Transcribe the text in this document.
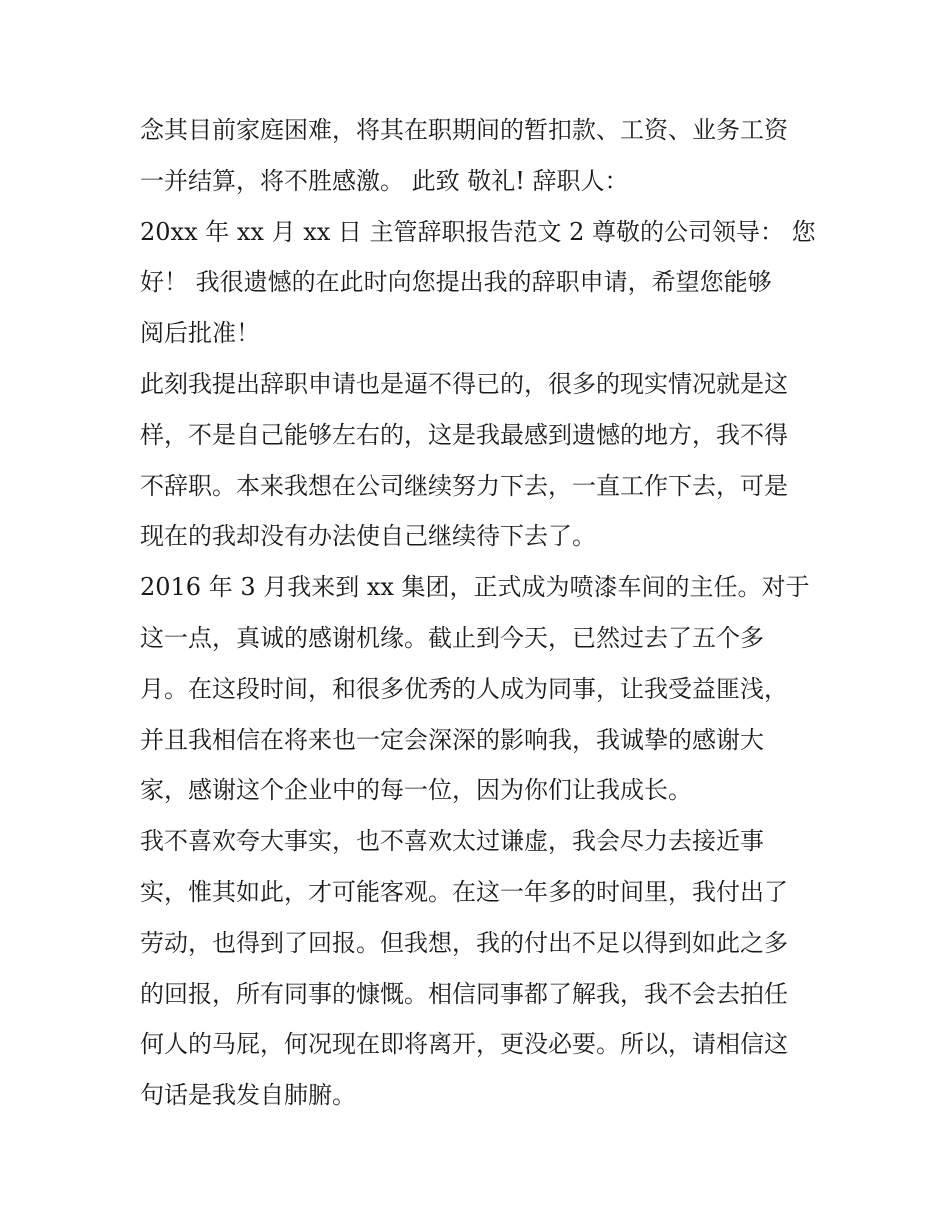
念其目前家庭困难，将其在职期间的暂扣款、工资、业务工资
一并结算，将不胜感激。 此致 敬礼! 辞职人：
20xx 年 xx 月 xx 日 主管辞职报告范文 2 尊敬的公司领导： 您
好！ 我很遗憾的在此时向您提出我的辞职申请，希望您能够
阅后批准！
此刻我提出辞职申请也是逼不得已的，很多的现实情况就是这
样，不是自己能够左右的，这是我最感到遗憾的地方，我不得
不辞职。本来我想在公司继续努力下去，一直工作下去，可是
现在的我却没有办法使自己继续待下去了。
2016 年 3 月我来到 xx 集团，正式成为喷漆车间的主任。对于
这一点，真诚的感谢机缘。截止到今天，已然过去了五个多
月。在这段时间，和很多优秀的人成为同事，让我受益匪浅，
并且我相信在将来也一定会深深的影响我，我诚挚的感谢大
家，感谢这个企业中的每一位，因为你们让我成长。
我不喜欢夸大事实，也不喜欢太过谦虚，我会尽力去接近事
实，惟其如此，才可能客观。在这一年多的时间里，我付出了
劳动，也得到了回报。但我想，我的付出不足以得到如此之多
的回报，所有同事的慷慨。相信同事都了解我，我不会去拍任
何人的马屁，何况现在即将离开，更没必要。所以，请相信这
句话是我发自肺腑。
